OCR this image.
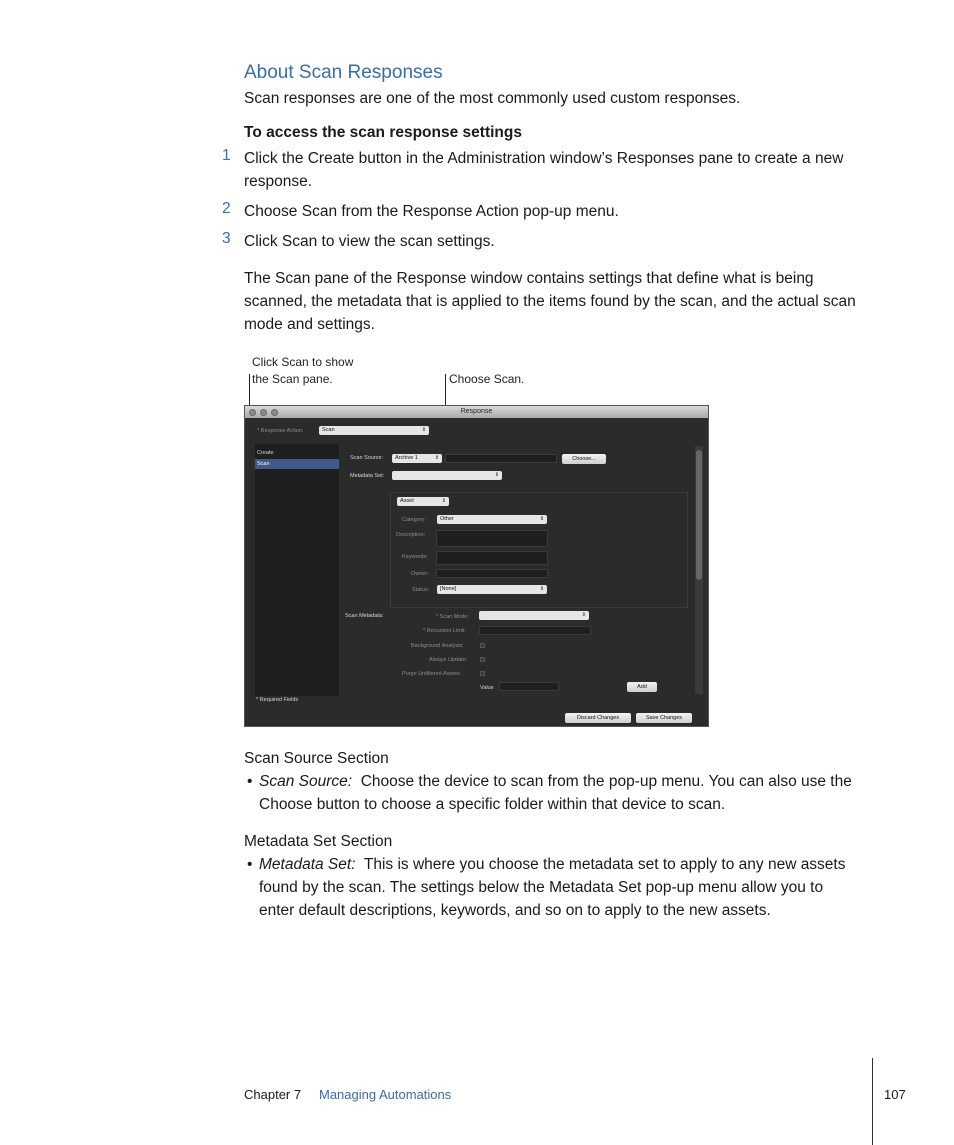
About Scan Responses
Scan responses are one of the most commonly used custom responses.
To access the scan response settings
1 Click the Create button in the Administration window’s Responses pane to create a new
response.
2 Choose Scan from the Response Action pop-up menu.
3 Click Scan to view the scan settings.
The Scan pane of the Response window contains settings that define what is being
scanned, the metadata that is applied to the items found by the scan, and the actual scan
mode and settings.
Click Scan to show
the Scan pane.	Choose Scan.
Response
* Response Action:	Scan	⇕
Create
Scan
Scan Source:	Archive 1	⇕	Choose...
Metadata Set:	⇕
Asset	⇕
Category:	Other	⇕
Description:
Keywords:
Owner:
Status:	[None]	⇕
Scan Metadata:	* Scan Mode:	⇕
* Recursion Limit:
Background Analysis:
Always Update:
Purge Unfiltered Assets:
Value	Add
* Required Fields
Discard Changes	Save Changes
Scan Source Section
• Scan Source: Choose the device to scan from the pop-up menu. You can also use the
Choose button to choose a specific folder within that device to scan.
Metadata Set Section
• Metadata Set: This is where you choose the metadata set to apply to any new assets
found by the scan. The settings below the Metadata Set pop-up menu allow you to
enter default descriptions, keywords, and so on to apply to the new assets.
Chapter 7 Managing Automations	107
